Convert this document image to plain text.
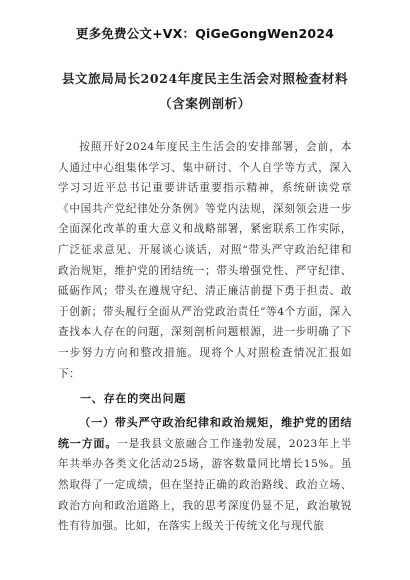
更多免费公文+VX：QiGeGongWen2024
县文旅局局长2024年度民主生活会对照检查材料（含案例剖析）

按照开好2024年度民主生活会的安排部署，会前，本人通过中心组集体学习、集中研讨、个人自学等方式，深入学习习近平总书记重要讲话重要指示精神，系统研读党章《中国共产党纪律处分条例》等党内法规，深刻领会进一步全面深化改革的重大意义和战略部署，紧密联系工作实际，广泛征求意见、开展谈心谈话，对照“带头严守政治纪律和政治规矩，维护党的团结统一；带头增强党性、严守纪律、砥砺作风；带头在遵规守纪、清正廉洁前提下勇于担责、敢于创新；带头履行全面从严治党政治责任”等4个方面，深入查找本人存在的问题，深刻剖析问题根源，进一步明确了下一步努力方向和整改措施。现将个人对照检查情况汇报如下：

一、存在的突出问题

（一）带头严守政治纪律和政治规矩，维护党的团结统一方面。一是我县文旅融合工作逢勃发展，2023年上半年共举办各类文化活动25场，游客数量同比增长15%。虽然取得了一定成绩，但在坚持正确的政治路线、政治立场、政治方向和政治道路上，我的思考深度仍显不足，政治敏锐性有待加强。比如，在落实上级关于传统文化与现代旅
